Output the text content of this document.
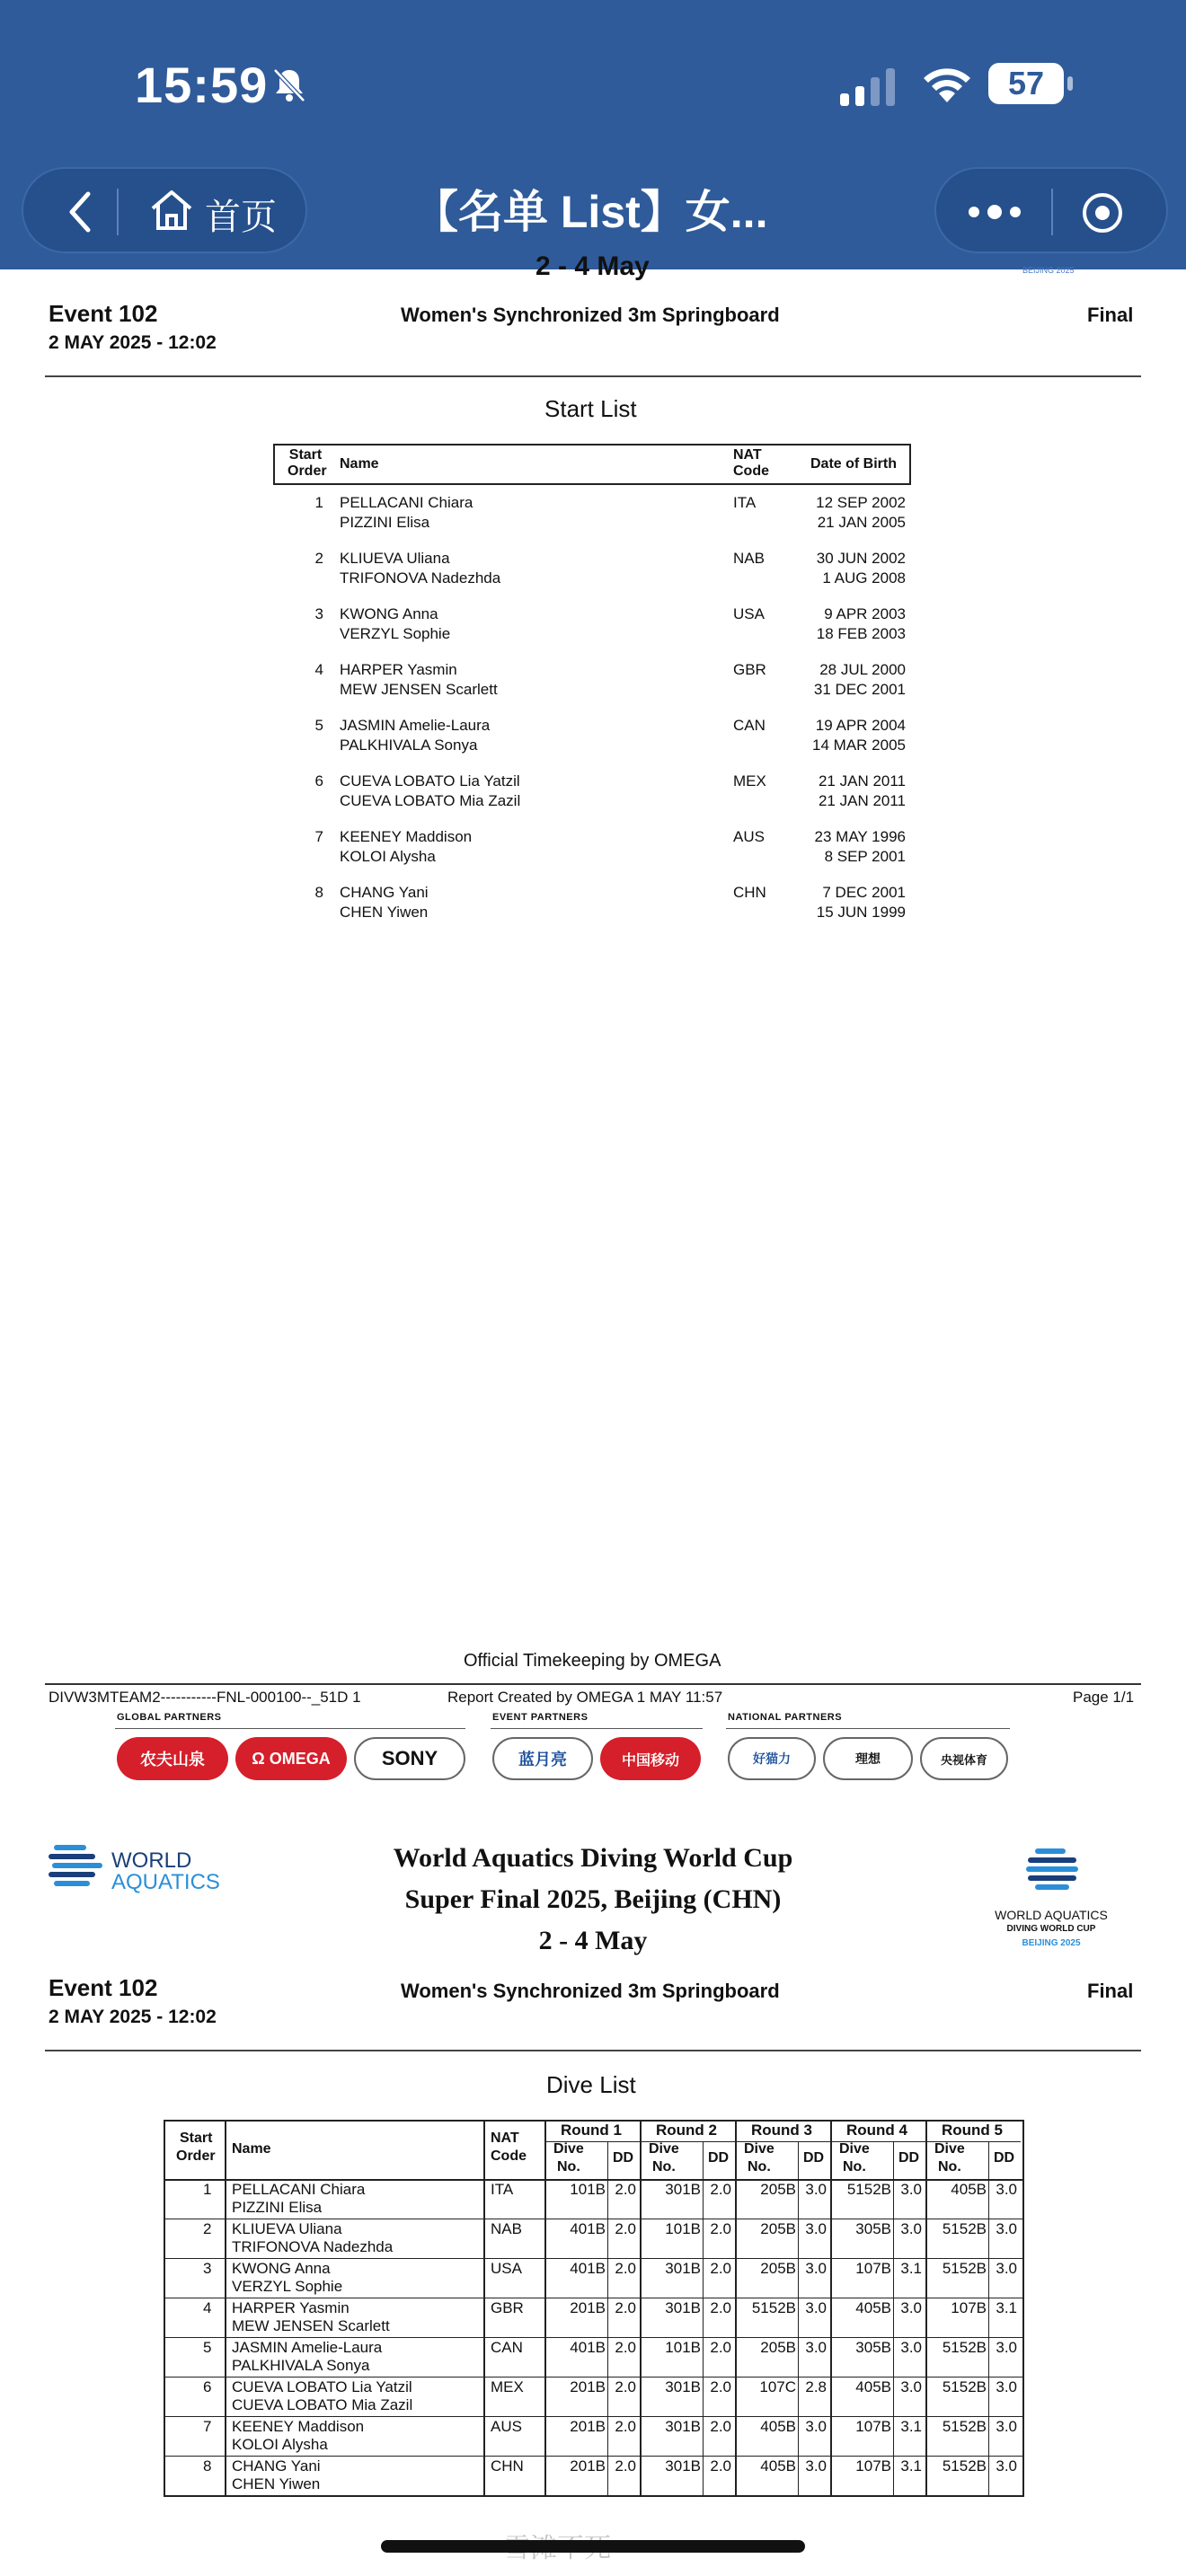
15:59	57
首页	【名单 List】女...
2 - 4 May	BEIJING 2025
Event 102
2 MAY 2025 - 12:02
Women's Synchronized 3m Springboard	Final
Start List
Start
Order Name
NAT
Code	Date of Birth
1 PELLACANI Chiara
PIZZINI Elisa
ITA	12 SEP 2002
21 JAN 2005
2 KLIUEVA Uliana
TRIFONOVA Nadezhda
NAB	30 JUN 2002
1 AUG 2008
3 KWONG Anna
VERZYL Sophie
USA	9 APR 2003
18 FEB 2003
4 HARPER Yasmin
MEW JENSEN Scarlett
GBR	28 JUL 2000
31 DEC 2001
5 JASMIN Amelie-Laura
PALKHIVALA Sonya
CAN	19 APR 2004
14 MAR 2005
6 CUEVA LOBATO Lia Yatzil
CUEVA LOBATO Mia Zazil
MEX	21 JAN 2011
21 JAN 2011
7 KEENEY Maddison
KOLOI Alysha
AUS	23 MAY 1996
8 SEP 2001
8 CHANG Yani
CHEN Yiwen
CHN	7 DEC 2001
15 JUN 1999
Official Timekeeping by OMEGA
DIVW3MTEAM2-----------FNL-000100--_51D 1	Report Created by OMEGA 1 MAY 11:57	Page 1/1
GLOBAL PARTNERS	EVENT PARTNERS	NATIONAL PARTNERS
农夫山泉	Ω OMEGA	SONY	蓝月亮	中国移动	好猫力	理想	央视体育
WORLD
AQUATICS
World Aquatics Diving World Cup
Super Final 2025, Beijing (CHN)
2 - 4 May
WORLD AQUATICS
DIVING WORLD CUP
BEIJING 2025
Event 102
2 MAY 2025 - 12:02
Women's Synchronized 3m Springboard	Final
Dive List
Round 1
Dive
No.
DD
Round 2
Dive
No.
DD
Round 3
Dive
No.
DD
Round 4
Dive
No.
DD
Round 5
Dive
No.
DD
Start
Order Name
NAT
Code
1 PELLACANI Chiara
PIZZINI Elisa
ITA	101B 2.0	301B 2.0	205B 3.0	5152B 3.0	405B 3.0
2 KLIUEVA Uliana
TRIFONOVA Nadezhda
NAB	401B 2.0	101B 2.0	205B 3.0	305B 3.0	5152B 3.0
3 KWONG Anna
VERZYL Sophie
USA	401B 2.0	301B 2.0	205B 3.0	107B 3.1	5152B 3.0
4 HARPER Yasmin
MEW JENSEN Scarlett
GBR	201B 2.0	301B 2.0	5152B 3.0	405B 3.0	107B 3.1
5 JASMIN Amelie-Laura
PALKHIVALA Sonya
CAN	401B 2.0	101B 2.0	205B 3.0	305B 3.0	5152B 3.0
6 CUEVA LOBATO Lia Yatzil
CUEVA LOBATO Mia Zazil
MEX	201B 2.0	301B 2.0	107C 2.8	405B 3.0	5152B 3.0
7 KEENEY Maddison
KOLOI Alysha
AUS	201B 2.0	301B 2.0	405B 3.0	107B 3.1	5152B 3.0
8 CHANG Yani
CHEN Yiwen
CHN	201B 2.0	301B 2.0	405B 3.0	107B 3.1	5152B 3.0
